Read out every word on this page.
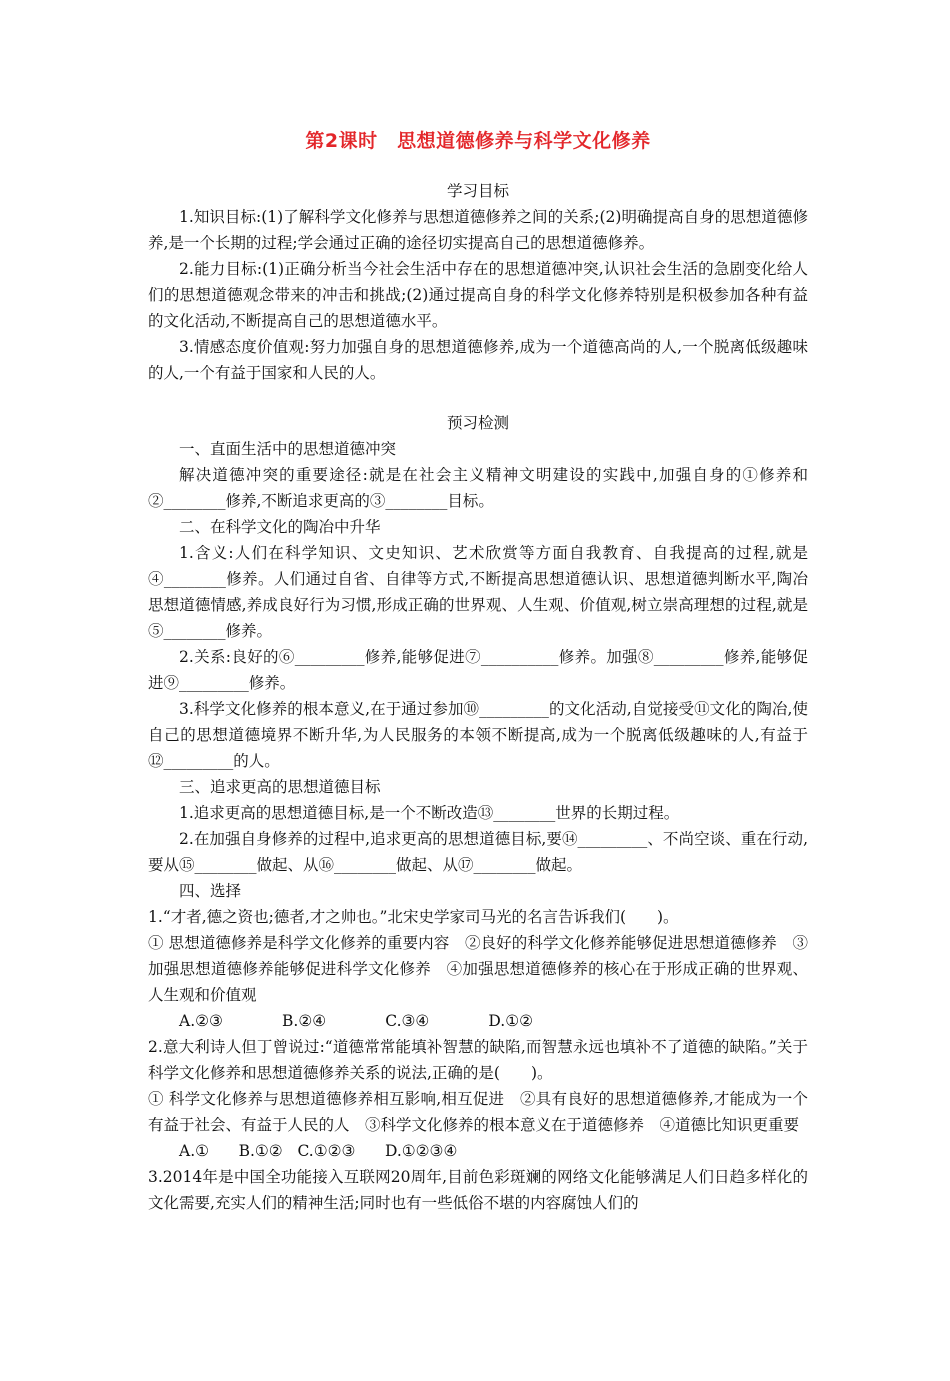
第2课时　思想道德修养与科学文化修养

学习目标

1.知识目标:(1)了解科学文化修养与思想道德修养之间的关系;(2)明确提高自身的思想道德修养,是一个长期的过程;学会通过正确的途径切实提高自己的思想道德修养。

2.能力目标:(1)正确分析当今社会生活中存在的思想道德冲突,认识社会生活的急剧变化给人们的思想道德观念带来的冲击和挑战;(2)通过提高自身的科学文化修养特别是积极参加各种有益的文化活动,不断提高自己的思想道德水平。

3.情感态度价值观:努力加强自身的思想道德修养,成为一个道德高尚的人,一个脱离低级趣味的人,一个有益于国家和人民的人。

预习检测

一、直面生活中的思想道德冲突

解决道德冲突的重要途径:就是在社会主义精神文明建设的实践中,加强自身的①修养和②________修养,不断追求更高的③________目标。

二、在科学文化的陶冶中升华

1.含义:人们在科学知识、文史知识、艺术欣赏等方面自我教育、自我提高的过程,就是④________修养。人们通过自省、自律等方式,不断提高思想道德认识、思想道德判断水平,陶冶思想道德情感,养成良好行为习惯,形成正确的世界观、人生观、价值观,树立崇高理想的过程,就是⑤________修养。

2.关系:良好的⑥_________修养,能够促进⑦__________修养。加强⑧_________修养,能够促进⑨_________修养。

3.科学文化修养的根本意义,在于通过参加⑩_________的文化活动,自觉接受⑪文化的陶冶,使自己的思想道德境界不断升华,为人民服务的本领不断提高,成为一个脱离低级趣味的人,有益于⑫_________的人。

三、追求更高的思想道德目标

1.追求更高的思想道德目标,是一个不断改造⑬________世界的长期过程。

2.在加强自身修养的过程中,追求更高的思想道德目标,要⑭_________、不尚空谈、重在行动,要从⑮________做起、从⑯________做起、从⑰________做起。

四、选择

1.“才者,德之资也;德者,才之帅也。”北宋史学家司马光的名言告诉我们(　　)。

① 思想道德修养是科学文化修养的重要内容　②良好的科学文化修养能够促进思想道德修养　③加强思想道德修养能够促进科学文化修养　④加强思想道德修养的核心在于形成正确的世界观、人生观和价值观

A.②③            B.②④            C.③④            D.①②

2.意大利诗人但丁曾说过:“道德常常能填补智慧的缺陷,而智慧永远也填补不了道德的缺陷。”关于科学文化修养和思想道德修养关系的说法,正确的是(　　)。

① 科学文化修养与思想道德修养相互影响,相互促进　②具有良好的思想道德修养,才能成为一个有益于社会、有益于人民的人　③科学文化修养的根本意义在于道德修养　④道德比知识更重要

A.①      B.①②   C.①②③      D.①②③④

3.2014年是中国全功能接入互联网20周年,目前色彩斑斓的网络文化能够满足人们日趋多样化的文化需要,充实人们的精神生活;同时也有一些低俗不堪的内容腐蚀人们的
